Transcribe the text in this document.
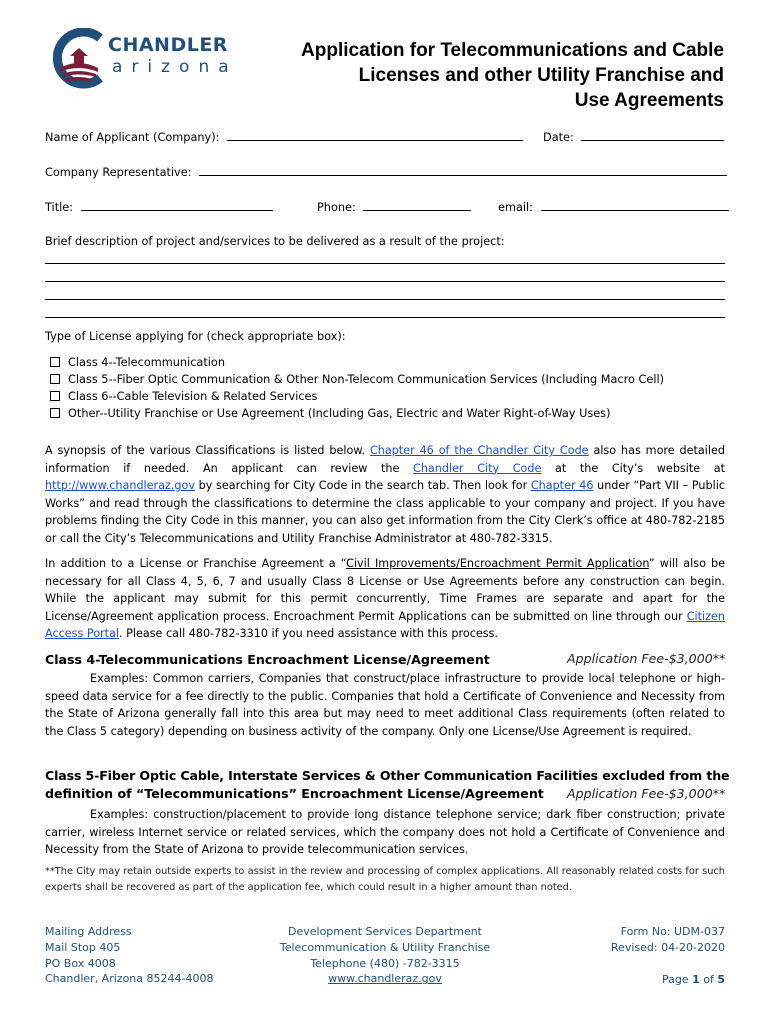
CHANDLER
arizona
Application for Telecommunications and Cable
Licenses and other Utility Franchise and
Use Agreements
Name of Applicant (Company):	Date:
Company Representative:
Title:	Phone:	email:
Brief description of project and/services to be delivered as a result of the project:
Type of License applying for (check appropriate box):
Class 4--Telecommunication
Class 5--Fiber Optic Communication & Other Non-Telecom Communication Services (Including Macro Cell)
Class 6--Cable Television & Related Services
Other--Utility Franchise or Use Agreement (Including Gas, Electric and Water Right-of-Way Uses)
A synopsis of the various Classifications is listed below. Chapter 46 of the Chandler City Code also has more detailed information if needed. An applicant can review the Chandler City Code at the City’s website at http://www.chandleraz.gov by searching for City Code in the search tab. Then look for Chapter 46 under “Part VII – Public Works” and read through the classifications to determine the class applicable to your company and project. If you have problems finding the City Code in this manner, you can also get information from the City Clerk’s office at 480-782-2185 or call the City’s Telecommunications and Utility Franchise Administrator at 480-782-3315.
In addition to a License or Franchise Agreement a “Civil Improvements/Encroachment Permit Application” will also be necessary for all Class 4, 5, 6, 7 and usually Class 8 License or Use Agreements before any construction can begin. While the applicant may submit for this permit concurrently, Time Frames are separate and apart for the License/Agreement application process. Encroachment Permit Applications can be submitted on line through our Citizen Access Portal. Please call 480-782-3310 if you need assistance with this process.
Class 4-Telecommunications Encroachment License/Agreement	Application Fee-$3,000**
Examples: Common carriers, Companies that construct/place infrastructure to provide local telephone or high-speed data service for a fee directly to the public. Companies that hold a Certificate of Convenience and Necessity from the State of Arizona generally fall into this area but may need to meet additional Class requirements (often related to the Class 5 category) depending on business activity of the company. Only one License/Use Agreement is required.
Class 5-Fiber Optic Cable, Interstate Services & Other Communication Facilities excluded from the
definition of “Telecommunications” Encroachment License/Agreement	Application Fee-$3,000**
Examples: construction/placement to provide long distance telephone service; dark fiber construction; private carrier, wireless Internet service or related services, which the company does not hold a Certificate of Convenience and Necessity from the State of Arizona to provide telecommunication services.
**The City may retain outside experts to assist in the review and processing of complex applications. All reasonably related costs for such experts shall be recovered as part of the application fee, which could result in a higher amount than noted.
Mailing Address
Mail Stop 405
PO Box 4008
Chandler, Arizona 85244-4008
Development Services Department
Telecommunication & Utility Franchise
Telephone (480) -782-3315
www.chandleraz.gov
Form No: UDM-037
Revised: 04-20-2020
Page 1 of 5
